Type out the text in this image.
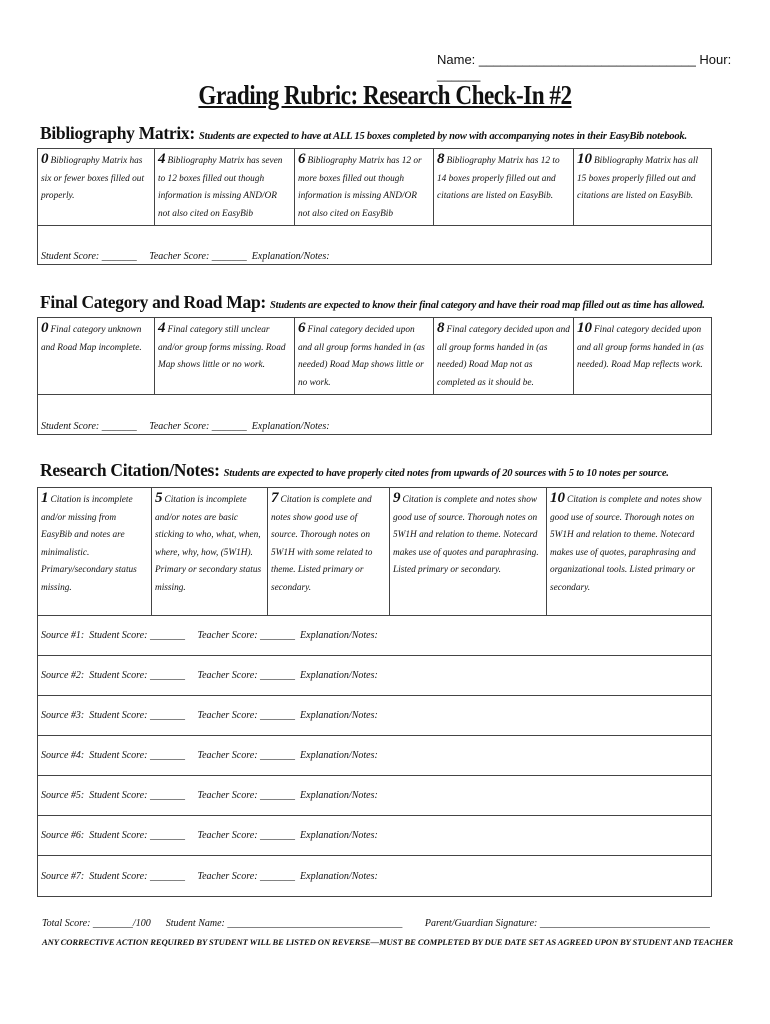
Name: ______________________________ Hour: ______
Grading Rubric: Research Check-In #2
Bibliography Matrix: Students are expected to have at ALL 15 boxes completed by now with accompanying notes in their EasyBib notebook.
0 Bibliography Matrix has six or fewer boxes filled out properly.
4 Bibliography Matrix has seven to 12 boxes filled out though information is missing AND/OR not also cited on EasyBib
6 Bibliography Matrix has 12 or more boxes filled out though information is missing AND/OR not also cited on EasyBib
8 Bibliography Matrix has 12 to 14 boxes properly filled out and citations are listed on EasyBib.
10 Bibliography Matrix has all 15 boxes properly filled out and citations are listed on EasyBib.
Student Score: _______     Teacher Score: _______  Explanation/Notes:
Final Category and Road Map: Students are expected to know their final category and have their road map filled out as time has allowed.
0 Final category unknown and Road Map incomplete.
4 Final category still unclear and/or group forms missing. Road Map shows little or no work.
6 Final category decided upon and all group forms handed in (as needed) Road Map shows little or no work.
8 Final category decided upon and all group forms handed in (as needed) Road Map not as completed as it should be.
10 Final category decided upon and all group forms handed in (as needed). Road Map reflects work.
Student Score: _______     Teacher Score: _______  Explanation/Notes:
Research Citation/Notes: Students are expected to have properly cited notes from upwards of 20 sources with 5 to 10 notes per source.
1 Citation is incomplete and/or missing from EasyBib and notes are minimalistic. Primary/secondary status missing.
5 Citation is incomplete and/or notes are basic sticking to who, what, when, where, why, how, (5W1H). Primary or secondary status missing.
7 Citation is complete and notes show good use of source. Thorough notes on 5W1H with some related to theme. Listed primary or secondary.
9 Citation is complete and notes show good use of source. Thorough notes on 5W1H and relation to theme. Notecard makes use of quotes and paraphrasing. Listed primary or secondary.
10 Citation is complete and notes show good use of source. Thorough notes on 5W1H and relation to theme. Notecard makes use of quotes, paraphrasing and organizational tools. Listed primary or secondary.
Source #1:  Student Score: _______     Teacher Score: _______  Explanation/Notes:
Source #2:  Student Score: _______     Teacher Score: _______  Explanation/Notes:
Source #3:  Student Score: _______     Teacher Score: _______  Explanation/Notes:
Source #4:  Student Score: _______     Teacher Score: _______  Explanation/Notes:
Source #5:  Student Score: _______     Teacher Score: _______  Explanation/Notes:
Source #6:  Student Score: _______     Teacher Score: _______  Explanation/Notes:
Source #7:  Student Score: _______     Teacher Score: _______  Explanation/Notes:
Total Score: ________/100      Student Name: ___________________________________         Parent/Guardian Signature: __________________________________
ANY CORRECTIVE ACTION REQUIRED BY STUDENT WILL BE LISTED ON REVERSE—MUST BE COMPLETED BY DUE DATE SET AS AGREED UPON BY STUDENT AND TEACHER
